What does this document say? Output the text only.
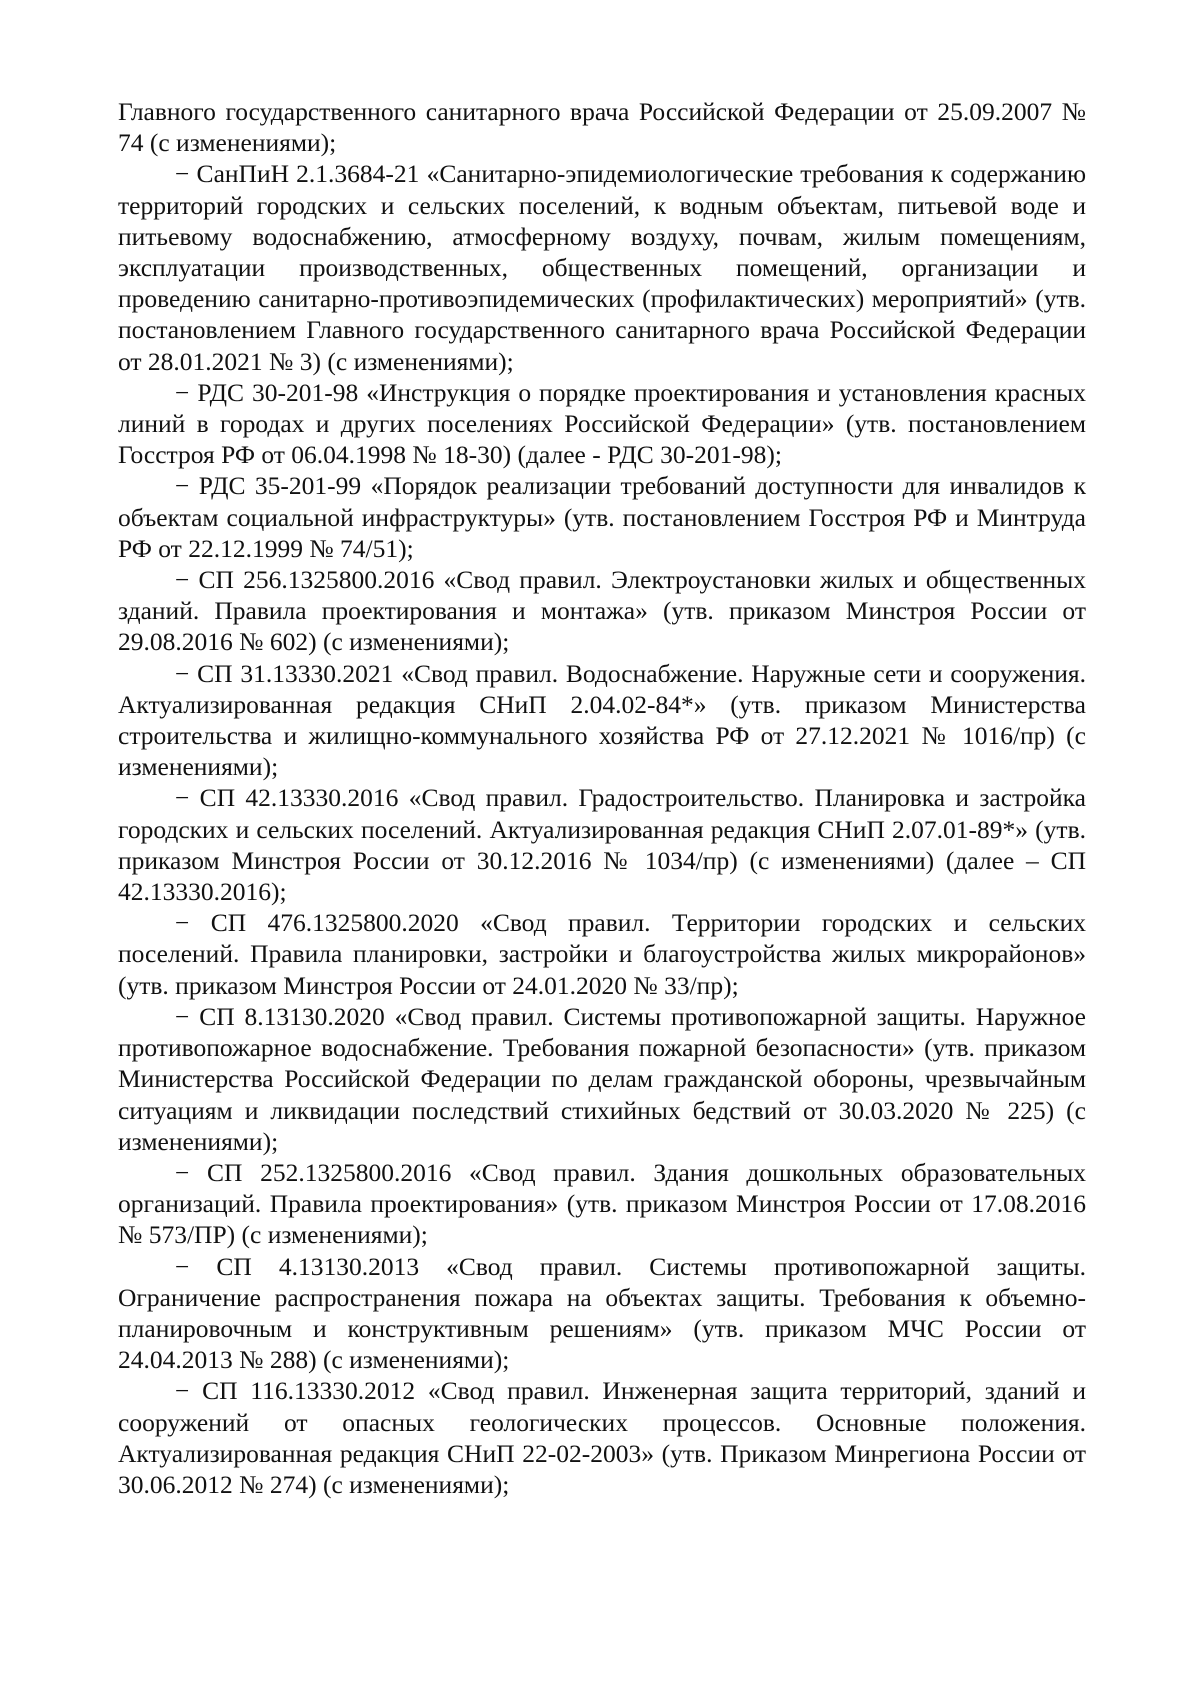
Главного государственного санитарного врача Российской Федерации от 25.09.2007 № 74 (с изменениями);

− СанПиН 2.1.3684-21 «Санитарно-эпидемиологические требования к содержанию территорий городских и сельских поселений, к водным объектам, питьевой воде и питьевому водоснабжению, атмосферному воздуху, почвам, жилым помещениям, эксплуатации производственных, общественных помещений, организации и проведению санитарно-противоэпидемических (профилактических) мероприятий» (утв. постановлением Главного государственного санитарного врача Российской Федерации от 28.01.2021 № 3) (с изменениями);

− РДС 30-201-98 «Инструкция о порядке проектирования и установления красных линий в городах и других поселениях Российской Федерации» (утв. постановлением Госстроя РФ от 06.04.1998 № 18-30) (далее - РДС 30-201-98);

− РДС 35-201-99 «Порядок реализации требований доступности для инвалидов к объектам социальной инфраструктуры» (утв. постановлением Госстроя РФ и Минтруда РФ от 22.12.1999 № 74/51);

− СП 256.1325800.2016 «Свод правил. Электроустановки жилых и общественных зданий. Правила проектирования и монтажа» (утв. приказом Минстроя России от 29.08.2016 № 602) (с изменениями);

− СП 31.13330.2021 «Свод правил. Водоснабжение. Наружные сети и сооружения. Актуализированная редакция СНиП 2.04.02-84*» (утв. приказом Министерства строительства и жилищно-коммунального хозяйства РФ от 27.12.2021 № 1016/пр) (с изменениями);

− СП 42.13330.2016 «Свод правил. Градостроительство. Планировка и застройка городских и сельских поселений. Актуализированная редакция СНиП 2.07.01-89*» (утв. приказом Минстроя России от 30.12.2016 № 1034/пр) (с изменениями) (далее – СП 42.13330.2016);

− СП 476.1325800.2020 «Свод правил. Территории городских и сельских поселений. Правила планировки, застройки и благоустройства жилых микрорайонов» (утв. приказом Минстроя России от 24.01.2020 № 33/пр);

− СП 8.13130.2020 «Свод правил. Системы противопожарной защиты. Наружное противопожарное водоснабжение. Требования пожарной безопасности» (утв. приказом Министерства Российской Федерации по делам гражданской обороны, чрезвычайным ситуациям и ликвидации последствий стихийных бедствий от 30.03.2020 № 225) (с изменениями);

− СП 252.1325800.2016 «Свод правил. Здания дошкольных образовательных организаций. Правила проектирования» (утв. приказом Минстроя России от 17.08.2016 № 573/ПР) (с изменениями);

− СП 4.13130.2013 «Свод правил. Системы противопожарной защиты. Ограничение распространения пожара на объектах защиты. Требования к объемно-планировочным и конструктивным решениям» (утв. приказом МЧС России от 24.04.2013 № 288) (с изменениями);

− СП 116.13330.2012 «Свод правил. Инженерная защита территорий, зданий и сооружений от опасных геологических процессов. Основные положения. Актуализированная редакция СНиП 22-02-2003» (утв. Приказом Минрегиона России от 30.06.2012 № 274) (с изменениями);
